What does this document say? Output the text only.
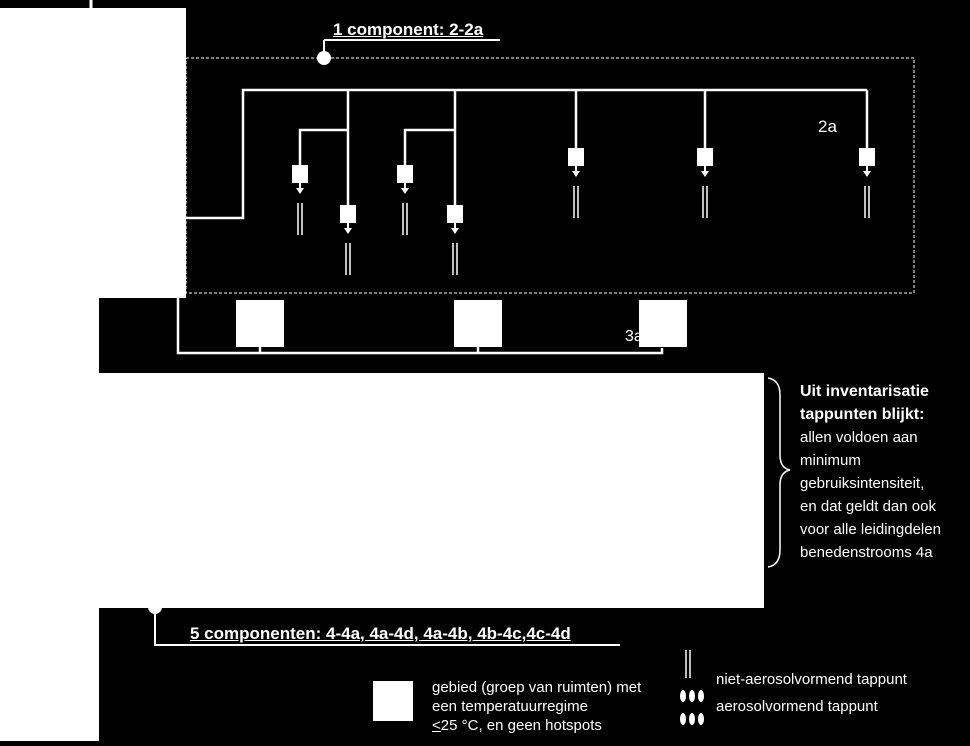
1 component: 2-2a
2a
3a
5 componenten: 4-4a, 4a-4d, 4a-4b, 4b-4c,4c-4d
Uit inventarisatie
tappunten blijkt:
allen voldoen aan
minimum
gebruiksintensiteit,
en dat geldt dan ook
voor alle leidingdelen
benedenstrooms 4a
gebied (groep van ruimten) met
een temperatuurregime
<25 °C, en geen hotspots
niet-aerosolvormend tappunt
aerosolvormend tappunt
